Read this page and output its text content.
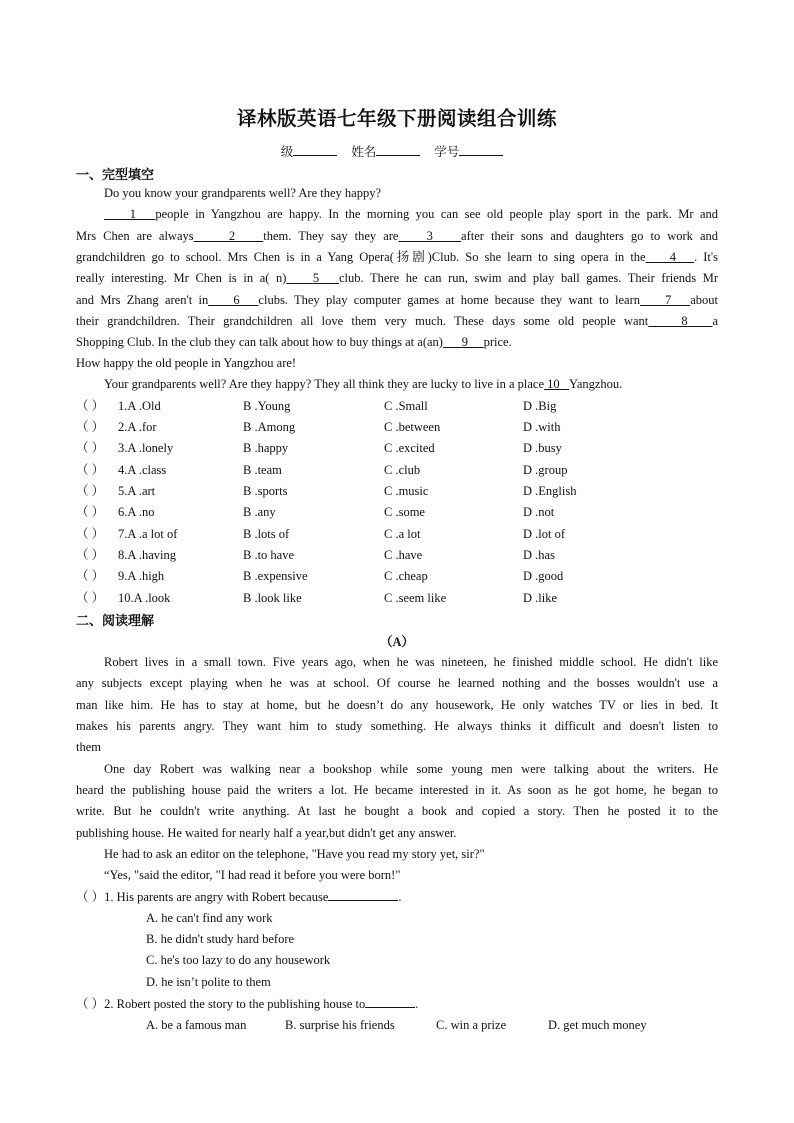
译林版英语七年级下册阅读组合训练
级	姓名	学号
一、完型填空
Do you know your grandparents well? Are they happy?
1 people in Yangzhou are happy. In the morning you can see old people play sport in the park. Mr and
Mrs Chen are always	2 them. They say they are 3 after their sons and daughters go to work and
grandchildren go to school. Mrs Chen is in a Yang Opera(扬剧)Club. So she learn to sing opera in the 4 . It's
really interesting. Mr Chen is in a( n) 5 club. There he can run, swim and play ball games. Their friends Mr
and Mrs Zhang aren't in 6 clubs. They play computer games at home because they want to learn 7 about
their grandchildren. Their grandchildren all love them very much. These days some old people want	8 a
Shopping Club. In the club they can talk about how to buy things at a(an) 9 price.
How happy the old people in Yangzhou are!
Your grandparents well? Are they happy? They all think they are lucky to live in a place 10 Yangzhou.
（ ） 1.A .Old	B .Young	C .Small	D .Big
（ ） 2.A .for	B .Among	C .between	D .with
（ ） 3.A .lonely	B .happy	C .excited	D .busy
（ ） 4.A .class	B .team	C .club	D .group
（ ） 5.A .art	B .sports	C .music	D .English
（ ） 6.A .no	B .any	C .some	D .not
（ ） 7.A .a lot of	B .lots of	C .a lot	D .lot of
（ ） 8.A .having	B .to have	C .have	D .has
（ ） 9.A .high	B .expensive	C .cheap	D .good
（ ） 10.A .look	B .look like	C .seem like	D .like
二、阅读理解
（A）
Robert lives in a small town. Five years ago, when he was nineteen, he finished middle school. He didn't like
any subjects except playing when he was at school. Of course he learned nothing and the bosses wouldn't use a
man like him. He has to stay at home, but he doesn’t do any housework, He only watches TV or lies in bed. It
makes his parents angry. They want him to study something. He always thinks it difficult and doesn't listen to
them
One day Robert was walking near a bookshop while some young men were talking about the writers. He
heard the publishing house paid the writers a lot. He became interested in it. As soon as he got home, he began to
write. But he couldn't write anything. At last he bought a book and copied a story. Then he posted it to the
publishing house. He waited for nearly half a year,but didn't get any answer.
He had to ask an editor on the telephone, "Have you read my story yet, sir?"
“Yes, "said the editor, "I had read it before you were born!"
（ ）1. His parents are angry with Robert because	.
A. he can't find any work
B. he didn't study hard before
C. he's too lazy to do any housework
D. he isn’t polite to them
（ ）2. Robert posted the story to the publishing house to	.
A. be a famous man	B. surprise his friends	C. win a prize	D. get much money
